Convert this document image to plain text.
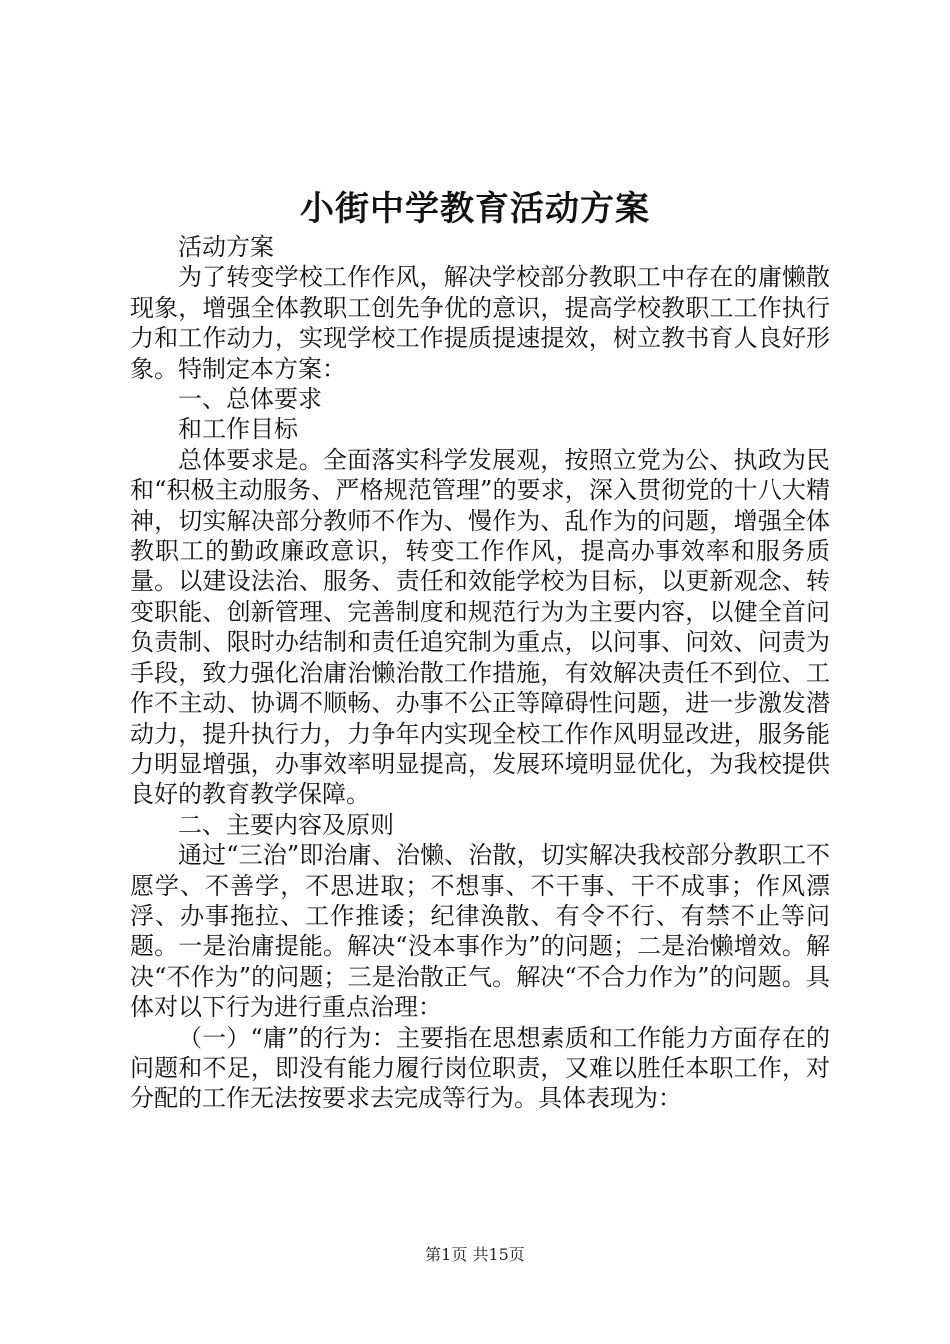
小街中学教育活动方案

活动方案

为了转变学校工作作风，解决学校部分教职工中存在的庸懒散现象，增强全体教职工创先争优的意识，提高学校教职工工作执行力和工作动力，实现学校工作提质提速提效，树立教书育人良好形象。特制定本方案：

一、总体要求

和工作目标

总体要求是。全面落实科学发展观，按照立党为公、执政为民和“积极主动服务、严格规范管理”的要求，深入贯彻党的十八大精神，切实解决部分教师不作为、慢作为、乱作为的问题，增强全体教职工的勤政廉政意识，转变工作作风，提高办事效率和服务质量。以建设法治、服务、责任和效能学校为目标，以更新观念、转变职能、创新管理、完善制度和规范行为为主要内容，以健全首问负责制、限时办结制和责任追究制为重点，以问事、问效、问责为手段，致力强化治庸治懒治散工作措施，有效解决责任不到位、工作不主动、协调不顺畅、办事不公正等障碍性问题，进一步激发潜动力，提升执行力，力争年内实现全校工作作风明显改进，服务能力明显增强，办事效率明显提高，发展环境明显优化，为我校提供良好的教育教学保障。

二、主要内容及原则

通过“三治”即治庸、治懒、治散，切实解决我校部分教职工不愿学、不善学，不思进取；不想事、不干事、干不成事；作风漂浮、办事拖拉、工作推诿；纪律涣散、有令不行、有禁不止等问题。一是治庸提能。解决“没本事作为”的问题；二是治懒增效。解决“不作为”的问题；三是治散正气。解决“不合力作为”的问题。具体对以下行为进行重点治理：

（一）“庸”的行为：主要指在思想素质和工作能力方面存在的问题和不足，即没有能力履行岗位职责，又难以胜任本职工作，对分配的工作无法按要求去完成等行为。具体表现为：

第1页 共15页
